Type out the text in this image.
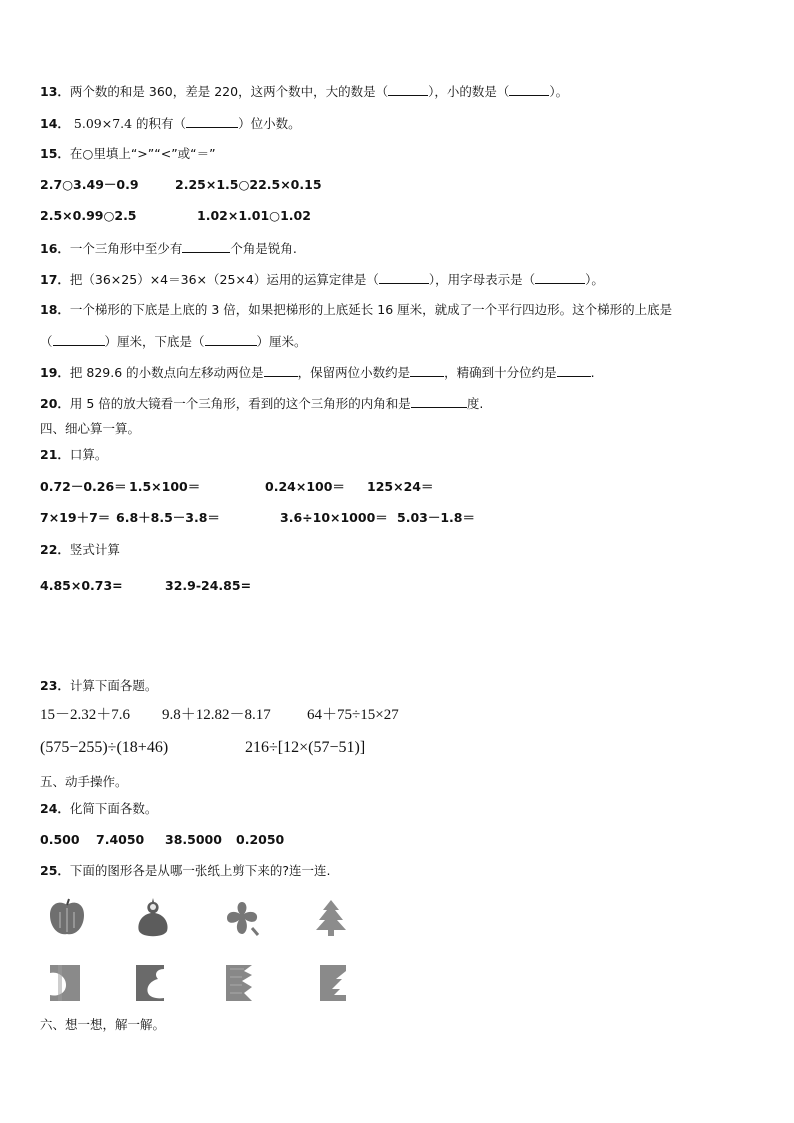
13．两个数的和是 360，差是 220，这两个数中，大的数是（	），小的数是（	）。
14． 5.09×7.4 的积有（	）位小数。
15．在○里填上“>”“<”或“＝”
2.7○3.49－0.9	2.25×1.5○22.5×0.15
2.5×0.99○2.5	1.02×1.01○1.02
16．一个三角形中至少有	个角是锐角.
17．把（36×25）×4＝36×（25×4）运用的运算定律是（	），用字母表示是（	）。
18．一个梯形的下底是上底的 3 倍，如果把梯形的上底延长 16 厘米，就成了一个平行四边形。这个梯形的上底是
（	）厘米，下底是（	）厘米。
19．把 829.6 的小数点向左移动两位是	，保留两位小数约是	，精确到十分位约是	.
20．用 5 倍的放大镜看一个三角形，看到的这个三角形的内角和是	度.
四、细心算一算。
21．口算。
0.72－0.26＝ 1.5×100＝	0.24×100＝ 125×24＝
7×19＋7＝ 6.8＋8.5－3.8＝	3.6÷10×1000＝ 5.03－1.8＝
22．竖式计算
4.85×0.73=	32.9-24.85=
23．计算下面各题。
15－2.32＋7.6 9.8＋12.82－8.17 64＋75÷15×27
(575−255)÷(18+46)	216÷[12×(57−51)]
五、动手操作。
24．化简下面各数。
0.500 7.4050 38.5000 0.2050
25．下面的图形各是从哪一张纸上剪下来的?连一连.
六、想一想，解一解。
